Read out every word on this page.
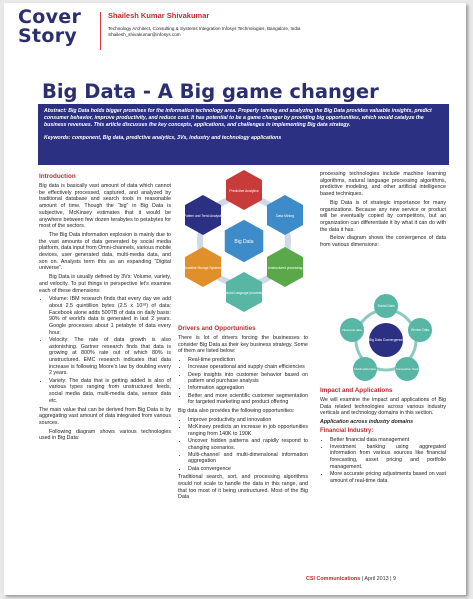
Cover
Story
Shailesh Kumar Shivakumar
Technology Architect, Consulting & Systems Integration Infosys Technologies, Bangalore, India
Shailesh_shivakumar@infosys.com
Big Data - A Big game changer
Abstract: Big Data holds bigger promises for the information technology area. Properly taming and analyzing the Big Data provides valuable insights, predict consumer behavior, improve productivity, and reduce cost. It has potential to be a game changer by providing big opportunities, which would catalyze the business revenues. This article discusses the key concepts, applications, and challenges in implementing Big data strategy.
Keywords: component, Big data, predictive analytics, 3Vs, industry and technology applications

Introduction

Big data is basically vast amount of data which cannot be effectively processed, captured, and analyzed by traditional database and search tools in reasonable amount of time. Though the “big” in Big Data is subjective, McKinsey estimates that it would be anywhere between few dozen terabytes to petabytes for most of the sectors.

The Big Data information explosion is mainly due to the vast amounts of data generated by social media platform, data input from Omni-channels, various mobile devices, user generated data, multi-media data, and son on. Analysts term this as an expanding “Digital universe”.

Big Data is usually defined by 3Vs: Volume, variety, and velocity. To put things in perspective let's examine each of these dimensions:

• Volume: IBM research finds that every day we add about 2.5 quintillion bytes (2.5 x 10¹⁸) of data: Facebook alone adds 500TB of data on daily basis: 90% of world's data is generated in last 2 years. Google processes about 1 petabyte of data every hour.
• Velocity: The rate of data growth is also astonishing. Gartner research finds that data is growing at 800% rate out of which 80% is unstructured. EMC research indicates that data increase is following Moore's law by doubling every 2 years.
• Variety: The data that is getting added is also of various types ranging from unstructured feeds, social media data, multi-media data, sensor data etc.

The main value that can be derived from Big Data is by aggregating vast amount of data integrated from various sources.

Following diagram shows various technologies used in Big Data:

Big Data
Predictive Analytics
Data Mining
Unstructured processing
Natural Language processing
Scalable Storage Systems
Pattern and Trend Analysis

Drivers and Opportunities

There is lot of drivers forcing the businesses to consider Big Data as their key business strategy. Some of them are listed below:

• Real-time prediction
• Increase operational and supply chain efficiencies
• Deep insights into customer behavior based on pattern and purchase analysis
• Information aggregation
• Better and more scientific customer segmentation for targeted marketing and product offering

Big data also provides the following opportunities:

• Improve productivity and innovation
• McKinsey predicts an increase in job opportunities ranging from 140K to 190K
• Uncover hidden patterns and rapidly respond to changing scenarios.
• Multi-channel and multi-dimensional information aggregation
• Data convergence

Traditional search, sort, and processing algorithms would not scale to handle the data in this range, and that too most of it being unstructured. Most of the Big Data

processing technologies include machine learning algorithms, natural language processing algorithms, predictive modeling, and other artificial intelligence based techniques.

Big Data is of strategic importance for many organizations. Because any new service or product will be eventually copied by competitors, but an organization can differentiate it by what it can do with the data it has.

Below diagram shows the convergence of data from various dimensions:

Big Data Convergence
Social Data
Sensor Data
Transaction Data
Multimedia Data
Historical data

Impact and Applications

We will examine the impact and applications of Big Data related technologies across various industry verticals and technology domains in this section.

Application across industry domains

Financial Industry:

• Better financial data management
• Investment banking using aggregated information from various sources like financial forecasting, asset pricing and portfolio management.
• More accurate pricing adjustments based on vast amount of real-time data
CSI Communications | April 2013 | 9
